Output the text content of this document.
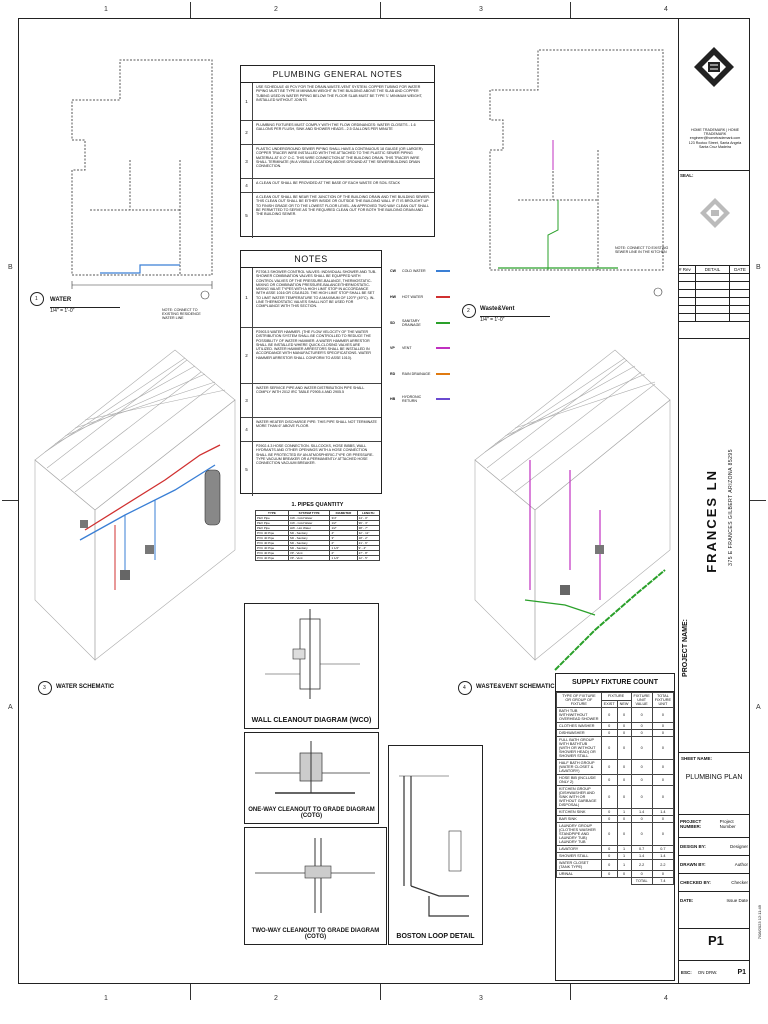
1	2	3	4
1	2	3	4
B
A
B
A
1 WATER
1/4" = 1'-0"	NOTE: CONNECT TO EXISTING RESIDENCE WATER LINE
PLUMBING GENERAL NOTES
1
USE SCHEDULE 40 PCV FOR THE DRAIN-WASTE-VENT SYSTEM. COPPER TUBING FOR WATER PIPING MUST BE TYPE M MINIMUM WEIGHT IN THE BUILDING ABOVE THE SLAB AND COPPER TUBING USED IN WATER PIPING BELOW THE FLOOR SLAB MUST BE TYPE 'L' MINIMUM WEIGHT, INSTALLED WITHOUT JOINTS
2
PLUMBING FIXTURES MUST COMPLY WITH THE FLOW ORDINANCES: WATER CLOSETS - 1.6 GALLONS PER FLUSH, SINK AND SHOWER HEADS - 2.5 GALLONS PER MINUTE
3
PLASTIC UNDERGROUND SEWER PIPING SHALL HAVE A CONTINUOUS 18 GAUGE (OR LARGER) COPPER TRACER WIRE INSTALLED WITH THE ATTACHED TO THE PLASTIC SEWER PIPING MATERIAL AT 6'-0" O.C. THIS WIRE CONNECTION AT THE BUILDING DRAIN. THIS TRACER WIRE SHALL TERMINATE (IN A VISIBLE LOCATION) ABOVE GROUND AT THE SEWER/BUILDING DRAIN CONNECTION.
4	A CLEAN OUT SHALL BE PROVIDED AT THE BASE OF EACH WASTE OR SOIL STACK
5
A CLEAN OUT SHALL BE NEAR THE JUNCTION OF THE BUILDING DRAIN AND THE BUILDING SEWER. THIS CLEAN OUT SHALL BE EITHER INSIDE OR OUTSIDE THE BUILDING WALL IF IT IS BROUGHT UP TO FINISH GRADE OR TO THE LOWEST FLOOR LEVEL. AN APPROVED TWO WAY CLEAN OUT SHALL BE PERMITTED TO SERVE AS THE REQUIRED CLEAN OUT FOR BOTH THE BUILDING DRAIN AND THE BUILDING SEWER.
NOTES
1
P2708.3 SHOWER CONTROL VALVES: INDIVIDUAL SHOWER AND TUB-SHOWER COMBINATION VALVES SHALL BE EQUIPPED WITH CONTROL VALVES OF THE PRESSURE-BALANCE, THERMOSTATIC-MIXING OR COMBINATION PRESSURE-BALANCE/THERMOSTATIC-MIXING VALVE TYPES WITH A HIGH LIMIT STOP IN ACCORDANCE WITH ASSE 1016 OR CSA B125. THE HIGH LIMIT STOP SHALL BE SET TO LIMIT WATER TEMPERATURE TO A MAXIMUM OF 120°F (49°C). IN-LINE THERMOSTATIC VALVES SHALL NOT BE USED FOR COMPLIANCE WITH THIS SECTION.
2
P2903.5 WATER HAMMER. (THE FLOW VELOCITY OF THE WATER DISTRIBUTION SYSTEM SHALL BE CONTROLLED TO REDUCE THE POSSIBILITY OF WATER HAMMER. A WATER HAMMER ARRESTOR SHALL BE INSTALLED WHERE QUICK-CLOSING VALVES ARE UTILIZED. WATER HAMMER ARRESTORS SHALL BE INSTALLED IN ACCORDANCE WITH MANUFACTURER'S SPECIFICATIONS. WATER HAMMER ARRESTOR SHALL CONFORM TO ASSE 1010).
3
WATER SERVICE PIPE AND WATER DISTRIBUTION PIPE SHALL COMPLY WITH 2012 IRC TABLE P2905.4 AND 2905.5
4
WATER HEATER DISCHARGE PIPE: THIS PIPE SHALL NOT TERMINATE MORE THAN 6" ABOVE FLOOR.
5
P2902.4.3 HOSE CONNECTION. SILLCOCKS, HOSE BIBBS, WALL HYDRANTS AND OTHER OPENINGS WITH A HOSE CONNECTION SHALL BE PROTECTED BY AN ATMOSPHERIC-TYPE OR PRESSURE-TYPE VACUUM BREAKER OR A PERMANENTLY ATTACHED HOSE CONNECTION VACUUM BREAKER.
CW	COLD WATER
HW	HOT WATER
SD	SANITARY DRAINAGE
VP	VENT
RD	RAIN DRAINAGE
HB	HYDRONIC RETURN
NOTE: CONNECT TO EXISTING SEWER LINE IN THE KITCHEN
2 Waste&Vent
1/4" = 1'-0"
3 WATER SCHEMATIC	4 WASTE&VENT SCHEMATIC
1. PIPES QUANTITY
TYPE	SYSTEM TYPE	DIAMETER	LENGTH
PEX Pipe	CW - Cold Water	3/4"	14' - 0"
PEX Pipe	CW - Cold Water	1/2"	96' - 3"
PEX Pipe	HW - Hot Water	1/2"	38' - 7"
PVC 40 Pipe	SD - Sanitary	4"	32' - 11"
PVC 40 Pipe	SD - Sanitary	3"	18' - 2"
PVC 40 Pipe	SD - Sanitary	2"	21' - 6"
PVC 40 Pipe	SD - Sanitary	1 1/2"	9' - 4"
PVC 40 Pipe	VP - Vent	2"	27' - 8"
PVC 40 Pipe	VP - Vent	1 1/2"	12' - 5"
WALL CLEANOUT DIAGRAM (WCO)
ONE-WAY CLEANOUT TO GRADE DIAGRAM (COTG)
TWO-WAY CLEANOUT TO GRADE DIAGRAM (COTG)	BOSTON LOOP DETAIL
SUPPLY FIXTURE COUNT
TYPE OF FIXTURE OR GROUP OF FIXTURE	FIXTURE		FIXTURE UNIT VALUE	TOTAL FIXTURE UNIT
	EXIST	NEW		
BATH TUB WITH/WITHOUT OVERHEAD SHOWER	0	0	0	0
CLOTHES WASHER	0	0	0	0
DISHWASHER	0	0	0	0
FULL BATH GROUP WITH BATHTUB (WITH OR WITHOUT SHOWER HEAD) OR SHOWER STALL	0	0	0	0
HALF BATH GROUP (WATER CLOSET & LAVATORY)	0	0	0	0
HOSE BIB (INCLUDE ONLY 2)	0	0	0	0
KITCHEN GROUP (DISHWASHER AND SINK WITH OR WITHOUT GARBAGE DISPOSAL)	0	0	0	0
KITCHEN SINK	0	1	1.4	1.4
BAR SINK	0	0	0	0
LAUNDRY GROUP (CLOTHES WASHER STANDPIPE AND LAUNDRY TUB) LAUNDRY TUB	0	0	0	0
LAVATORY	0	1	0.7	0.7
SHOWER STALL	0	1	1.4	1.4
WATER CLOSET (TANK TYPE)	0	1	2.2	2.2
URINAL	0	0	0	0
			TOTAL	7.4
HOME TRADEMARK | HOME TRADEMARK
engineer@hometrademark.com
123 Rootoo Street, Santa Angela
Santa Cruz Madeira
SEAL:
# Rev	DETAIL	DATE
PROJECT NAME:
FRANCES LN 375 E FRANCES GILBERT ARIZONA 85295
SHEET NAME:
PLUMBING PLAN
PROJECT NUMBER:
Project Number
DESIGN BY:	Designer
DRAWN BY:	Author
CHECKED BY:	Checker
DATE:	Issue Date
P1
ESC:	ON DRW.	P1
7/08/2023 12:11:49
